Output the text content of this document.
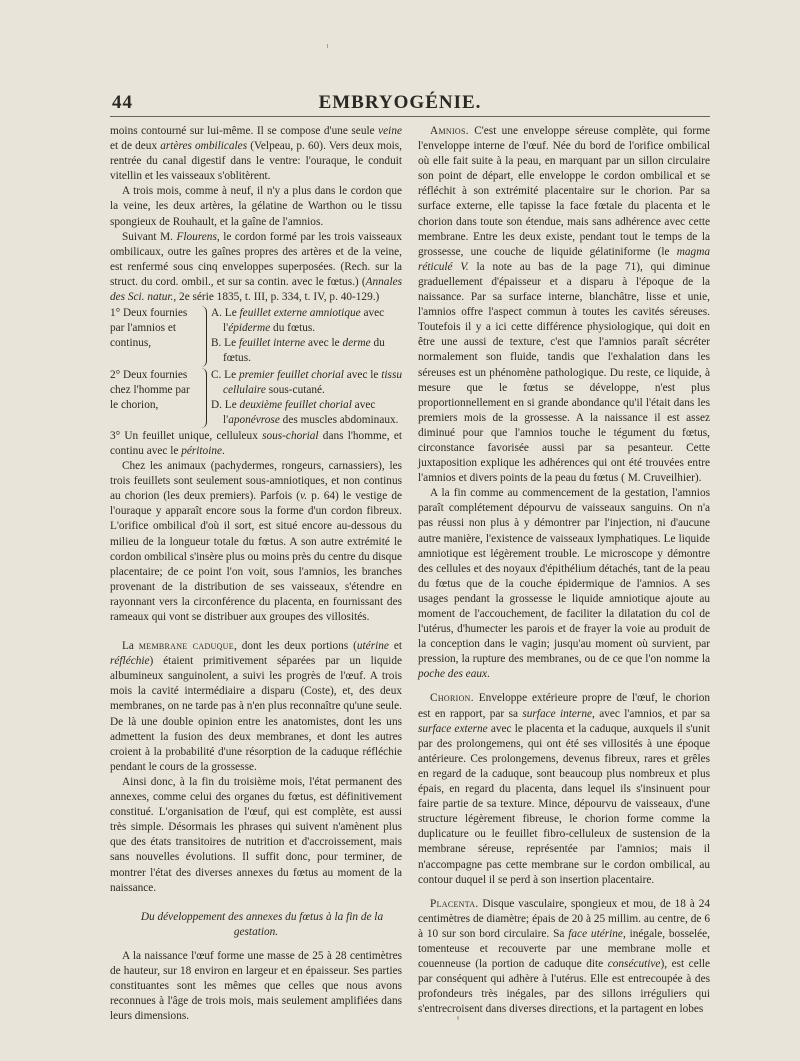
44	EMBRYOGÉNIE.

moins contourné sur lui-même. Il se compose d'une seule veine et de deux artères ombilicales (Velpeau, p. 60). Vers deux mois, rentrée du canal digestif dans le ventre: l'ouraque, le conduit vitellin et les vaisseaux s'oblitèrent.

A trois mois, comme à neuf, il n'y a plus dans le cordon que la veine, les deux artères, la gélatine de Warthon ou le tissu spongieux de Rouhault, et la gaîne de l'amnios.

Suivant M. Flourens, le cordon formé par les trois vaisseaux ombilicaux, outre les gaînes propres des artères et de la veine, est renfermé sous cinq enveloppes superposées. (Rech. sur la struct. du cord. ombil., et sur sa contin. avec le fœtus.) (Annales des Sci. natur., 2e série 1835, t. III, p. 334, t. IV, p. 40-129.)

1° Deux fournies par l'amnios et continus,
A. Le feuillet externe amniotique avec l'épiderme du fœtus.
B. Le feuillet interne avec le derme du fœtus.
2° Deux fournies chez l'homme par le chorion,
C. Le premier feuillet chorial avec le tissu cellulaire sous-cutané.
D. Le deuxième feuillet chorial avec l'aponévrose des muscles abdominaux.

3° Un feuillet unique, celluleux sous-chorial dans l'homme, et continu avec le péritoine.

Chez les animaux (pachydermes, rongeurs, carnassiers), les trois feuillets sont seulement sous-amniotiques, et non continus au chorion (les deux premiers). Parfois (v. p. 64) le vestige de l'ouraque y apparaît encore sous la forme d'un cordon fibreux. L'orifice ombilical d'où il sort, est situé encore au-dessous du milieu de la longueur totale du fœtus. A son autre extrémité le cordon ombilical s'insère plus ou moins près du centre du disque placentaire; de ce point l'on voit, sous l'amnios, les branches provenant de la distribution de ses vaisseaux, s'étendre en rayonnant vers la circonférence du placenta, en fournissant des rameaux qui vont se distribuer aux groupes des villosités.

La membrane caduque, dont les deux portions (utérine et réfléchie) étaient primitivement séparées par un liquide albumineux sanguinolent, a suivi les progrès de l'œuf. A trois mois la cavité intermédiaire a disparu (Coste), et, des deux membranes, on ne tarde pas à n'en plus reconnaître qu'une seule. De là une double opinion entre les anatomistes, dont les uns admettent la fusion des deux membranes, et dont les autres croient à la probabilité d'une résorption de la caduque réfléchie pendant le cours de la grossesse.

Ainsi donc, à la fin du troisième mois, l'état permanent des annexes, comme celui des organes du fœtus, est définitivement constitué. L'organisation de l'œuf, qui est complète, est aussi très simple. Désormais les phrases qui suivent n'amènent plus que des états transitoires de nutrition et d'accroissement, mais sans nouvelles évolutions. Il suffit donc, pour terminer, de montrer l'état des diverses annexes du fœtus au moment de la naissance.

Du développement des annexes du fœtus à la fin de la gestation.

A la naissance l'œuf forme une masse de 25 à 28 centimètres de hauteur, sur 18 environ en largeur et en épaisseur. Ses parties constituantes sont les mêmes que celles que nous avons reconnues à l'âge de trois mois, mais seulement amplifiées dans leurs dimensions.

Amnios. C'est une enveloppe séreuse complète, qui forme l'enveloppe interne de l'œuf. Née du bord de l'orifice ombilical où elle fait suite à la peau, en marquant par un sillon circulaire son point de départ, elle enveloppe le cordon ombilical et se réfléchit à son extrémité placentaire sur le chorion. Par sa surface externe, elle tapisse la face fœtale du placenta et le chorion dans toute son étendue, mais sans adhérence avec cette membrane. Entre les deux existe, pendant tout le temps de la grossesse, une couche de liquide gélatiniforme (le magma réticulé V. la note au bas de la page 71), qui diminue graduellement d'épaisseur et a disparu à l'époque de la naissance. Par sa surface interne, blanchâtre, lisse et unie, l'amnios offre l'aspect commun à toutes les cavités séreuses. Toutefois il y a ici cette différence physiologique, qui doit en être une aussi de texture, c'est que l'amnios paraît sécréter normalement son fluide, tandis que l'exhalation dans les séreuses est un phénomène pathologique. Du reste, ce liquide, à mesure que le fœtus se développe, n'est plus proportionnellement en si grande abondance qu'il l'était dans les premiers mois de la grossesse. A la naissance il est assez diminué pour que l'amnios touche le tégument du fœtus, circonstance favorisée aussi par sa pesanteur. Cette juxtaposition explique les adhérences qui ont été trouvées entre l'amnios et divers points de la peau du fœtus ( M. Cruveilhier).

A la fin comme au commencement de la gestation, l'amnios paraît complétement dépourvu de vaisseaux sanguins. On n'a pas réussi non plus à y démontrer par l'injection, ni d'aucune autre manière, l'existence de vaisseaux lymphatiques. Le liquide amniotique est légèrement trouble. Le microscope y démontre des cellules et des noyaux d'épithélium détachés, tant de la peau du fœtus que de la couche épidermique de l'amnios. A ses usages pendant la grossesse le liquide amniotique ajoute au moment de l'accouchement, de faciliter la dilatation du col de l'utérus, d'humecter les parois et de frayer la voie au produit de la conception dans le vagin; jusqu'au moment où survient, par pression, la rupture des membranes, ou de ce que l'on nomme la poche des eaux.

Chorion. Enveloppe extérieure propre de l'œuf, le chorion est en rapport, par sa surface interne, avec l'amnios, et par sa surface externe avec le placenta et la caduque, auxquels il s'unit par des prolongemens, qui ont été ses villosités à une époque antérieure. Ces prolongemens, devenus fibreux, rares et grêles en regard de la caduque, sont beaucoup plus nombreux et plus épais, en regard du placenta, dans lequel ils s'insinuent pour faire partie de sa texture. Mince, dépourvu de vaisseaux, d'une structure légèrement fibreuse, le chorion forme comme la duplicature ou le feuillet fibro-celluleux de sustension de la membrane séreuse, représentée par l'amnios; mais il n'accompagne pas cette membrane sur le cordon ombilical, au contour duquel il se perd à son insertion placentaire.

Placenta. Disque vasculaire, spongieux et mou, de 18 à 24 centimètres de diamètre; épais de 20 à 25 millim. au centre, de 6 à 10 sur son bord circulaire. Sa face utérine, inégale, bosselée, tomenteuse et recouverte par une membrane molle et couenneuse (la portion de caduque dite consécutive), est celle par conséquent qui adhère à l'utérus. Elle est entrecoupée à des profondeurs très inégales, par des sillons irréguliers qui s'entrecroisent dans diverses directions, et la partagent en lobes
